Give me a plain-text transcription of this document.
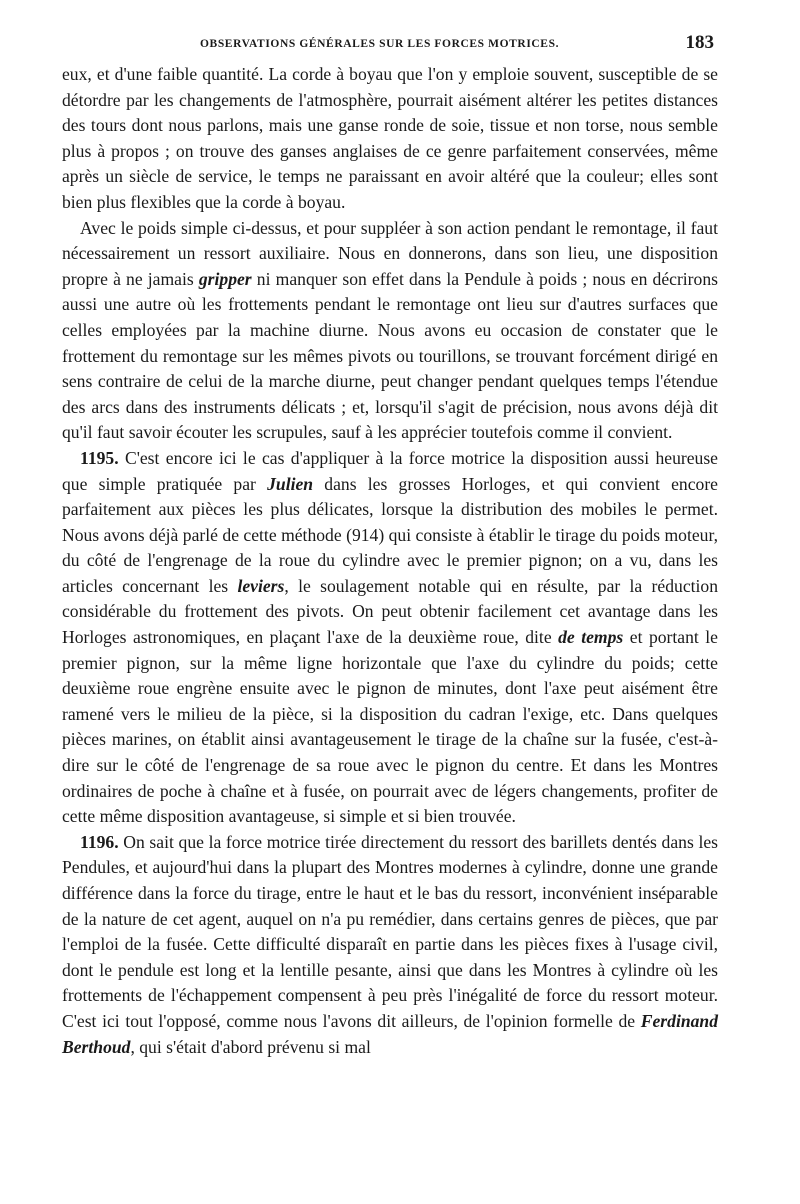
OBSERVATIONS GÉNÉRALES SUR LES FORCES MOTRICES.	183

eux, et d'une faible quantité. La corde à boyau que l'on y emploie souvent, susceptible de se détordre par les changements de l'atmosphère, pourrait aisément altérer les petites distances des tours dont nous parlons, mais une ganse ronde de soie, tissue et non torse, nous semble plus à propos ; on trouve des ganses anglaises de ce genre parfaitement conservées, même après un siècle de service, le temps ne paraissant en avoir altéré que la couleur; elles sont bien plus flexibles que la corde à boyau.

Avec le poids simple ci-dessus, et pour suppléer à son action pendant le remontage, il faut nécessairement un ressort auxiliaire. Nous en donnerons, dans son lieu, une disposition propre à ne jamais gripper ni manquer son effet dans la Pendule à poids ; nous en décrirons aussi une autre où les frottements pendant le remontage ont lieu sur d'autres surfaces que celles employées par la machine diurne. Nous avons eu occasion de constater que le frottement du remontage sur les mêmes pivots ou tourillons, se trouvant forcément dirigé en sens contraire de celui de la marche diurne, peut changer pendant quelques temps l'étendue des arcs dans des instruments délicats ; et, lorsqu'il s'agit de précision, nous avons déjà dit qu'il faut savoir écouter les scrupules, sauf à les apprécier toutefois comme il convient.

1195. C'est encore ici le cas d'appliquer à la force motrice la disposition aussi heureuse que simple pratiquée par Julien dans les grosses Horloges, et qui convient encore parfaitement aux pièces les plus délicates, lorsque la distribution des mobiles le permet. Nous avons déjà parlé de cette méthode (914) qui consiste à établir le tirage du poids moteur, du côté de l'engrenage de la roue du cylindre avec le premier pignon; on a vu, dans les articles concernant les leviers, le soulagement notable qui en résulte, par la réduction considérable du frottement des pivots. On peut obtenir facilement cet avantage dans les Horloges astronomiques, en plaçant l'axe de la deuxième roue, dite de temps et portant le premier pignon, sur la même ligne horizontale que l'axe du cylindre du poids; cette deuxième roue engrène ensuite avec le pignon de minutes, dont l'axe peut aisément être ramené vers le milieu de la pièce, si la disposition du cadran l'exige, etc. Dans quelques pièces marines, on établit ainsi avantageusement le tirage de la chaîne sur la fusée, c'est-à-dire sur le côté de l'engrenage de sa roue avec le pignon du centre. Et dans les Montres ordinaires de poche à chaîne et à fusée, on pourrait avec de légers changements, profiter de cette même disposition avantageuse, si simple et si bien trouvée.

1196. On sait que la force motrice tirée directement du ressort des barillets dentés dans les Pendules, et aujourd'hui dans la plupart des Montres modernes à cylindre, donne une grande différence dans la force du tirage, entre le haut et le bas du ressort, inconvénient inséparable de la nature de cet agent, auquel on n'a pu remédier, dans certains genres de pièces, que par l'emploi de la fusée. Cette difficulté disparaît en partie dans les pièces fixes à l'usage civil, dont le pendule est long et la lentille pesante, ainsi que dans les Montres à cylindre où les frottements de l'échappement compensent à peu près l'inégalité de force du ressort moteur. C'est ici tout l'opposé, comme nous l'avons dit ailleurs, de l'opinion formelle de Ferdinand Berthoud, qui s'était d'abord prévenu si mal
